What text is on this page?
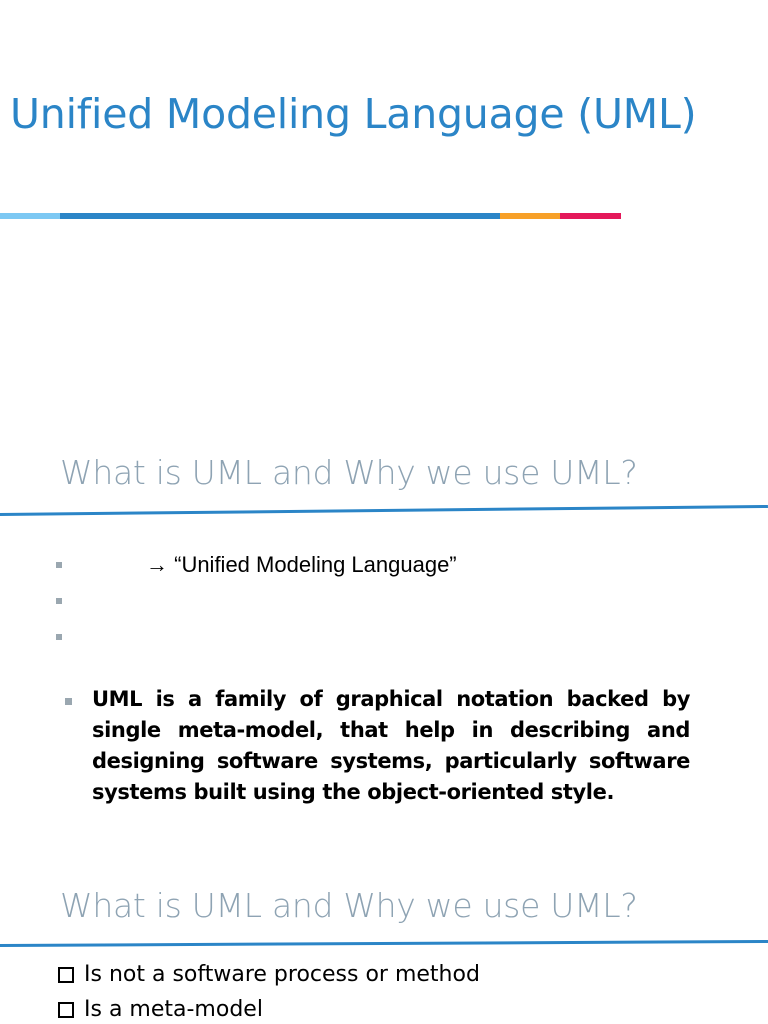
Unified Modeling Language (UML)
What is UML and Why we use UML?
→ “Unified Modeling Language”
UML is a family of graphical notation backed by single meta-model, that help in describing and designing software systems, particularly software systems built using the object-oriented style.
What is UML and Why we use UML?
Is not a software process or method
Is a meta-model
